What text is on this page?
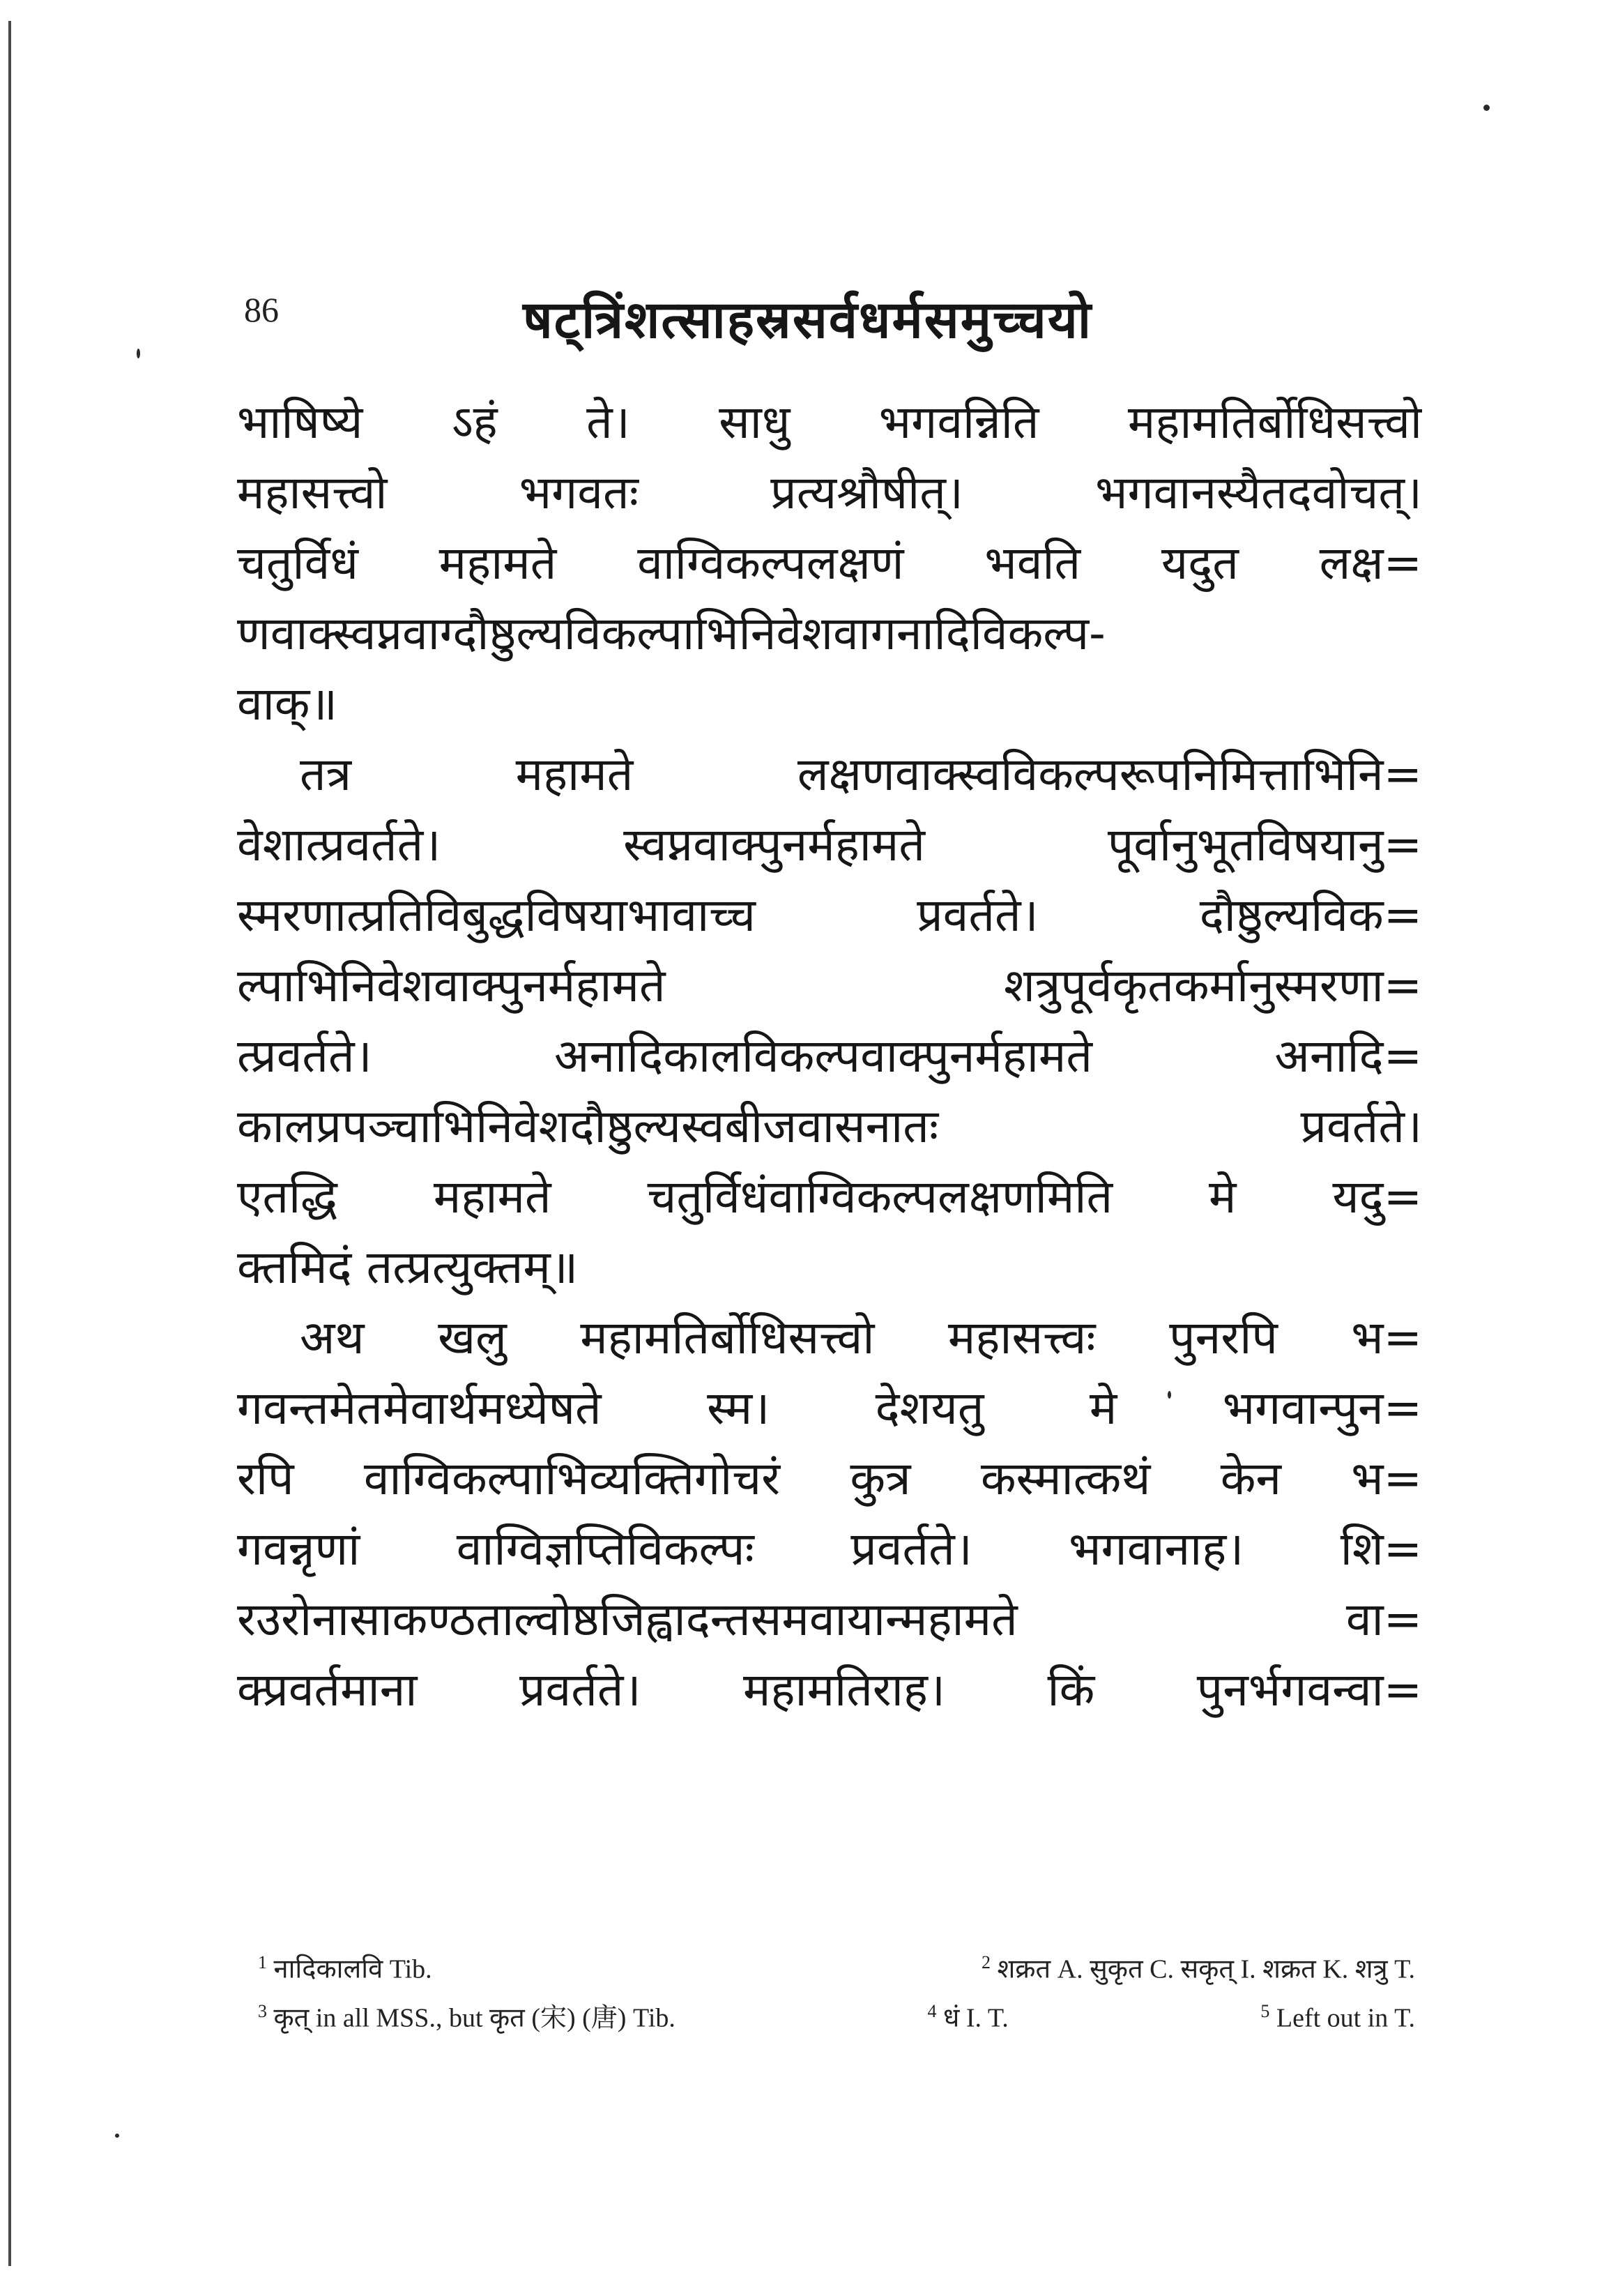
86	षट्त्रिंशत्साहस्रसर्वधर्मसमुच्चयो
भाषिष्ये ऽहं ते। साधु भगवन्निति महामतिर्बोधिसत्त्वो
महासत्त्वो भगवतः प्रत्यश्रौषीत्। भगवानस्यैतदवोचत्।
चतुर्विधं महामते वाग्विकल्पलक्षणं भवति यदुत लक्ष=
णवाक्स्वप्नवाग्दौष्ठुल्यविकल्पाभिनिवेशवागनादिविकल्प-
वाक्॥
तत्र महामते लक्षणवाक्स्वविकल्परूपनिमित्ताभिनि=
वेशात्प्रवर्तते। स्वप्नवाक्पुनर्महामते पूर्वानुभूतविषयानु=
स्मरणात्प्रतिविबुद्धविषयाभावाच्च प्रवर्तते। दौष्ठुल्यविक=
ल्पाभिनिवेशवाक्पुनर्महामते शत्रुपूर्वकृतकर्मानुस्मरणा=
त्प्रवर्तते। अनादिकालविकल्पवाक्पुनर्महामते अनादि=
कालप्रपञ्चाभिनिवेशदौष्ठुल्यस्वबीजवासनातः प्रवर्तते।
एतद्धि महामते चतुर्विधंवाग्विकल्पलक्षणमिति मे यदु=
क्तमिदं तत्प्रत्युक्तम्॥
अथ खलु महामतिर्बोधिसत्त्वो महासत्त्वः पुनरपि भ=
गवन्तमेतमेवार्थमध्येषते स्म। देशयतु मे भगवान्पुन=
रपि वाग्विकल्पाभिव्यक्तिगोचरं कुत्र कस्मात्कथं केन भ=
गवन्नृणां वाग्विज्ञप्तिविकल्पः प्रवर्तते। भगवानाह। शि=
रउरोनासाकण्ठताल्वोष्ठजिह्वादन्तसमवायान्महामते वा=
क्प्रवर्तमाना प्रवर्तते। महामतिराह। किं पुनर्भगवन्वा=
$^1$ नादिकालवि Tib.	$^2$ शक्रत A. सुकृत C. सकृत् I. शक्रत K. शत्रु T.
$^3$ कृत् in all MSS., but कृत (宋) (唐) Tib.	$^4$ धं I. T.	$^5$ Left out in T.
